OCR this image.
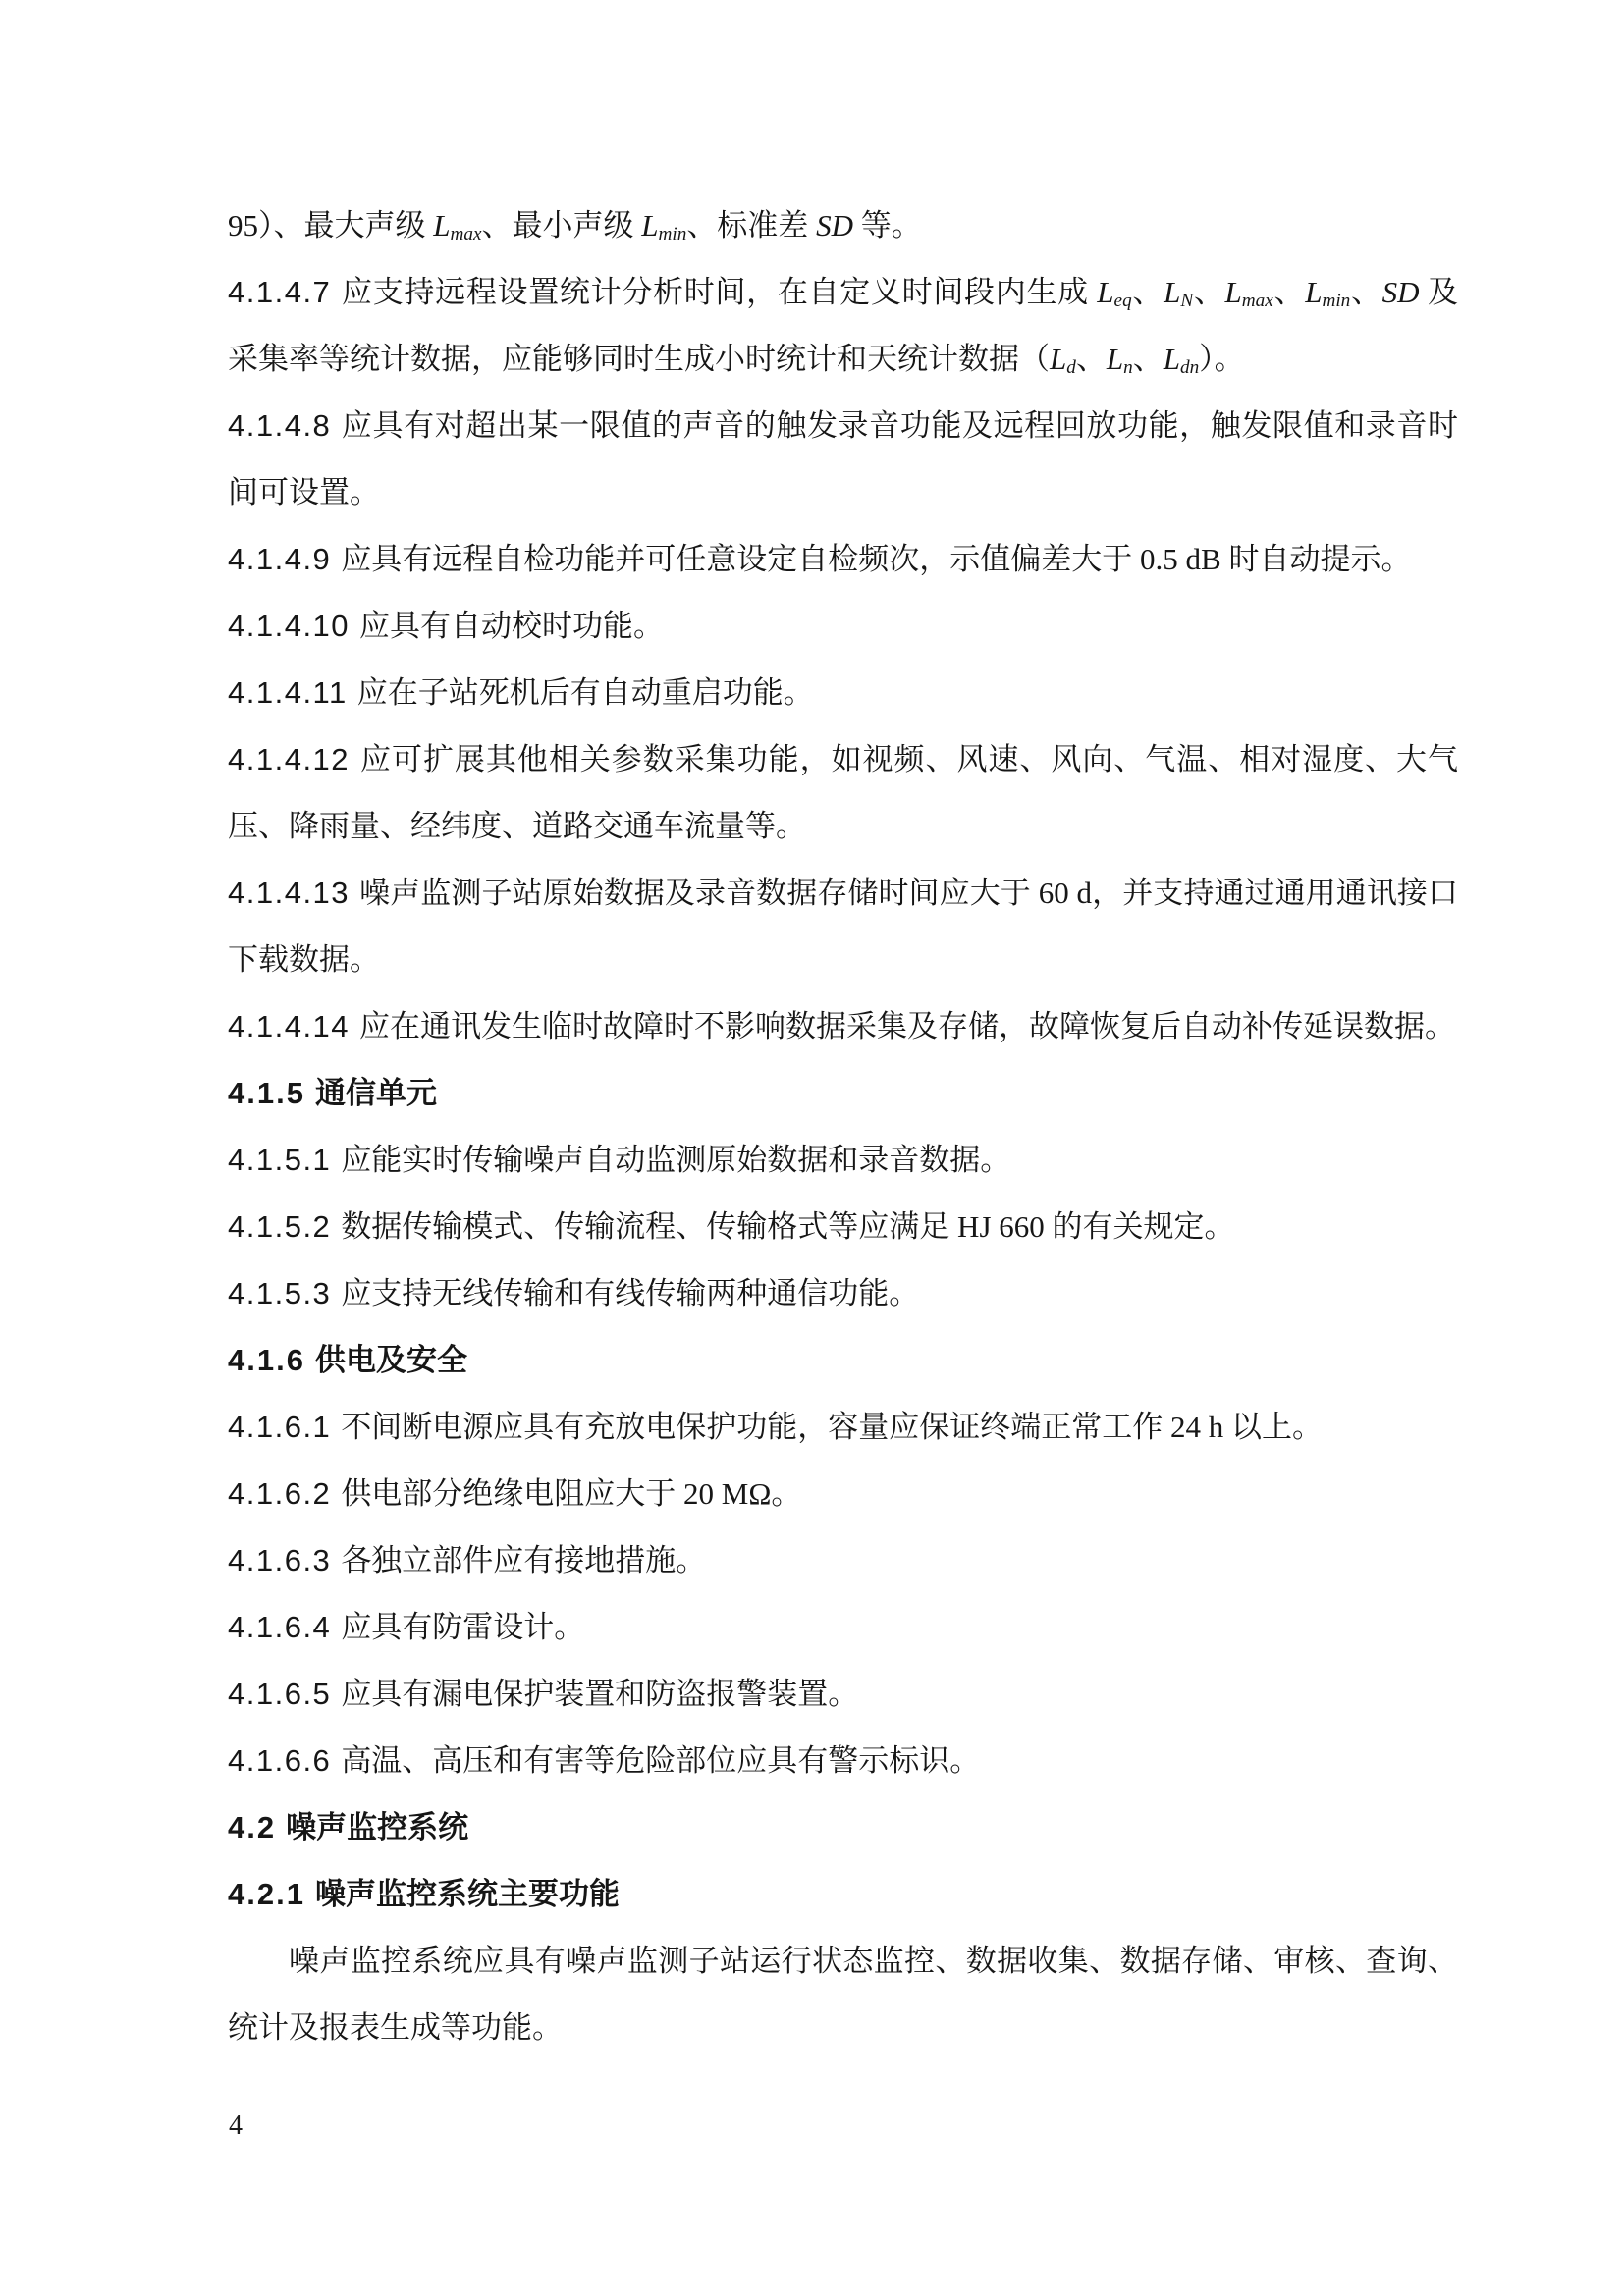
95）、最大声级 $L_{max}$、最小声级 $L_{min}$、标准差 SD 等。

4.1.4.7 应支持远程设置统计分析时间，在自定义时间段内生成 $L_{eq}$、$L_N$、$L_{max}$、$L_{min}$、SD 及采集率等统计数据，应能够同时生成小时统计和天统计数据（$L_d$、$L_n$、$L_{dn}$）。

4.1.4.8 应具有对超出某一限值的声音的触发录音功能及远程回放功能，触发限值和录音时间可设置。

4.1.4.9 应具有远程自检功能并可任意设定自检频次，示值偏差大于 0.5 dB 时自动提示。

4.1.4.10 应具有自动校时功能。

4.1.4.11 应在子站死机后有自动重启功能。

4.1.4.12 应可扩展其他相关参数采集功能，如视频、风速、风向、气温、相对湿度、大气压、降雨量、经纬度、道路交通车流量等。

4.1.4.13 噪声监测子站原始数据及录音数据存储时间应大于 60 d，并支持通过通用通讯接口下载数据。

4.1.4.14 应在通讯发生临时故障时不影响数据采集及存储，故障恢复后自动补传延误数据。

4.1.5 通信单元

4.1.5.1 应能实时传输噪声自动监测原始数据和录音数据。

4.1.5.2 数据传输模式、传输流程、传输格式等应满足 HJ 660 的有关规定。

4.1.5.3 应支持无线传输和有线传输两种通信功能。

4.1.6 供电及安全

4.1.6.1 不间断电源应具有充放电保护功能，容量应保证终端正常工作 24 h 以上。

4.1.6.2 供电部分绝缘电阻应大于 20 MΩ。

4.1.6.3 各独立部件应有接地措施。

4.1.6.4 应具有防雷设计。

4.1.6.5 应具有漏电保护装置和防盗报警装置。

4.1.6.6 高温、高压和有害等危险部位应具有警示标识。

4.2 噪声监控系统

4.2.1 噪声监控系统主要功能

噪声监控系统应具有噪声监测子站运行状态监控、数据收集、数据存储、审核、查询、统计及报表生成等功能。

4
